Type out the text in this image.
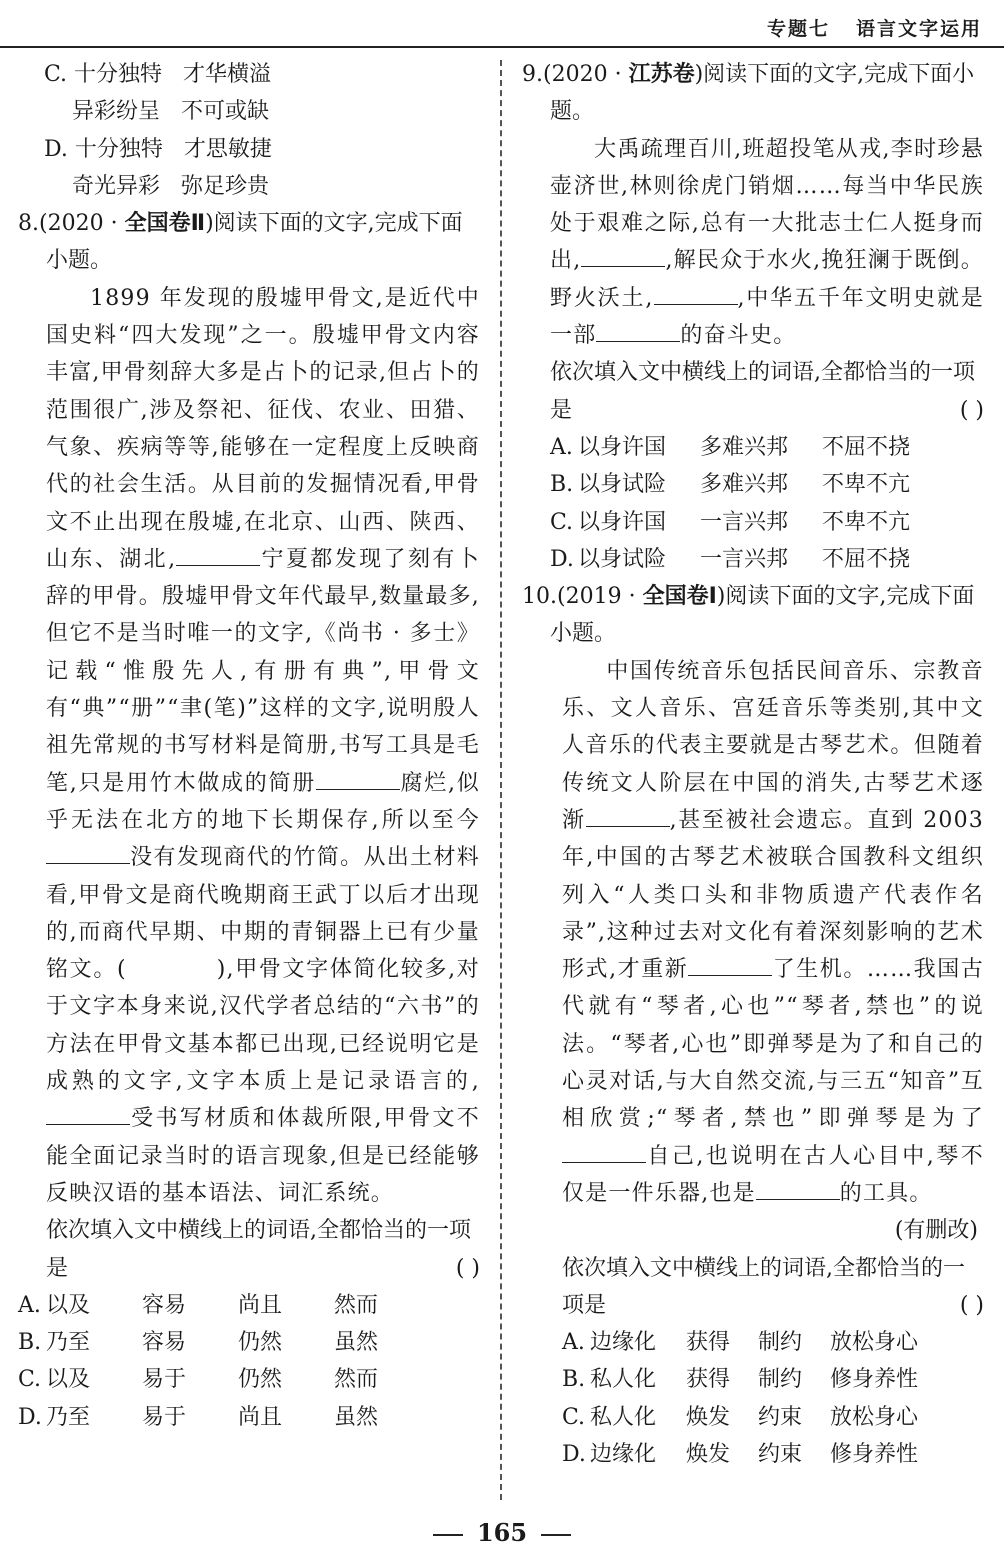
专题七 语言文字运用
C. 十分独特 才华横溢
异彩纷呈 不可或缺
D. 十分独特 才思敏捷
奇光异彩 弥足珍贵
8.(2020 · 全国卷Ⅱ)阅读下面的文字,完成下面小题。
1899 年发现的殷墟甲骨文,是近代中国史料“四大发现”之一。殷墟甲骨文内容丰富,甲骨刻辞大多是占卜的记录,但占卜的范围很广,涉及祭祀、征伐、农业、田猎、气象、疾病等等,能够在一定程度上反映商代的社会生活。从目前的发掘情况看,甲骨文不止出现在殷墟,在北京、山西、陕西、山东、湖北,	宁夏都发现了刻有卜辞的甲骨。殷墟甲骨文年代最早,数量最多,但它不是当时唯一的文字,《尚书 · 多士》记载“惟殷先人,有册有典”,甲骨文有“典”“册”“聿(笔)”这样的文字,说明殷人祖先常规的书写材料是简册,书写工具是毛笔,只是用竹木做成的简册	腐烂,似乎无法在北方的地下长期保存,所以至今没有发现商代的竹简。从出土材料看,甲骨文是商代晚期商王武丁以后才出现的,而商代早期、中期的青铜器上已有少量铭文。(	),甲骨文字体简化较多,对于文字本身来说,汉代学者总结的“六书”的方法在甲骨文基本都已出现,已经说明它是成熟的文字,文字本质上是记录语言的,受书写材质和体裁所限,甲骨文不能全面记录当时的语言现象,但是已经能够反映汉语的基本语法、词汇系统。
依次填入文中横线上的词语,全都恰当的一项是	( )
A. 以及 容易 尚且 然而
B. 乃至 容易 仍然 虽然
C. 以及 易于 仍然 然而
D. 乃至 易于 尚且 虽然
9.(2020 · 江苏卷)阅读下面的文字,完成下面小题。
大禹疏理百川,班超投笔从戎,李时珍悬壶济世,林则徐虎门销烟……每当中华民族处于艰难之际,总有一大批志士仁人挺身而出,	,解民众于水火,挽狂澜于既倒。野火沃土,	,中华五千年文明史就是一部	的奋斗史。
依次填入文中横线上的词语,全都恰当的一项是	( )
A. 以身许国 多难兴邦 不屈不挠
B. 以身试险 多难兴邦 不卑不亢
C. 以身许国 一言兴邦 不卑不亢
D. 以身试险 一言兴邦 不屈不挠
10.(2019 · 全国卷Ⅰ)阅读下面的文字,完成下面小题。
中国传统音乐包括民间音乐、宗教音乐、文人音乐、宫廷音乐等类别,其中文人音乐的代表主要就是古琴艺术。但随着传统文人阶层在中国的消失,古琴艺术逐渐	,甚至被社会遗忘。直到 2003 年,中国的古琴艺术被联合国教科文组织列入“人类口头和非物质遗产代表作名录”,这种过去对文化有着深刻影响的艺术形式,才重新	了生机。……我国古代就有“琴者,心也”“琴者,禁也”的说法。“琴者,心也”即弹琴是为了和自己的心灵对话,与大自然交流,与三五“知音”互相欣赏;“琴者,禁也”即弹琴是为了自己,也说明在古人心目中,琴不仅是一件乐器,也是	的工具。
(有删改)
依次填入文中横线上的词语,全都恰当的一项是	( )
A. 边缘化 获得 制约 放松身心
B. 私人化 获得 制约 修身养性
C. 私人化 焕发 约束 放松身心
D. 边缘化 焕发 约束 修身养性
165
